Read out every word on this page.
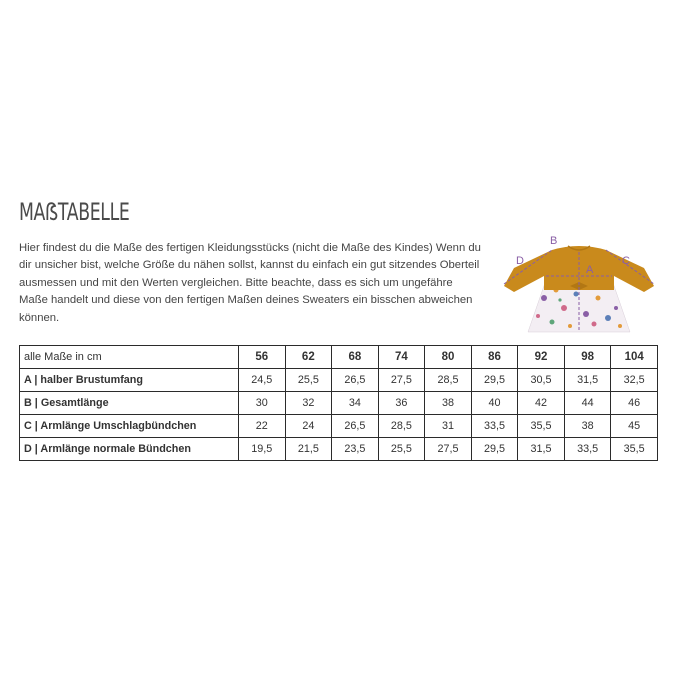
MAẞTABELLE
Hier findest du die Maße des fertigen Kleidungsstücks (nicht die Maße des Kindes) Wenn du dir unsicher bist, welche Größe du nähen sollst, kannst du einfach ein gut sitzendes Oberteil ausmessen und mit den Werten vergleichen. Bitte beachte, dass es sich um ungefähre Maße handelt und diese von den fertigen Maßen deines Sweaters ein bisschen abweichen können.
B
A
C
D
alle Maße in cm	56	62	68	74	80	86	92	98	104
A | halber Brustumfang	24,5	25,5	26,5	27,5	28,5	29,5	30,5	31,5	32,5
B | Gesamtlänge	30	32	34	36	38	40	42	44	46
C | Armlänge Umschlagbündchen	22	24	26,5	28,5	31	33,5	35,5	38	45
D | Armlänge normale Bündchen	19,5	21,5	23,5	25,5	27,5	29,5	31,5	33,5	35,5
